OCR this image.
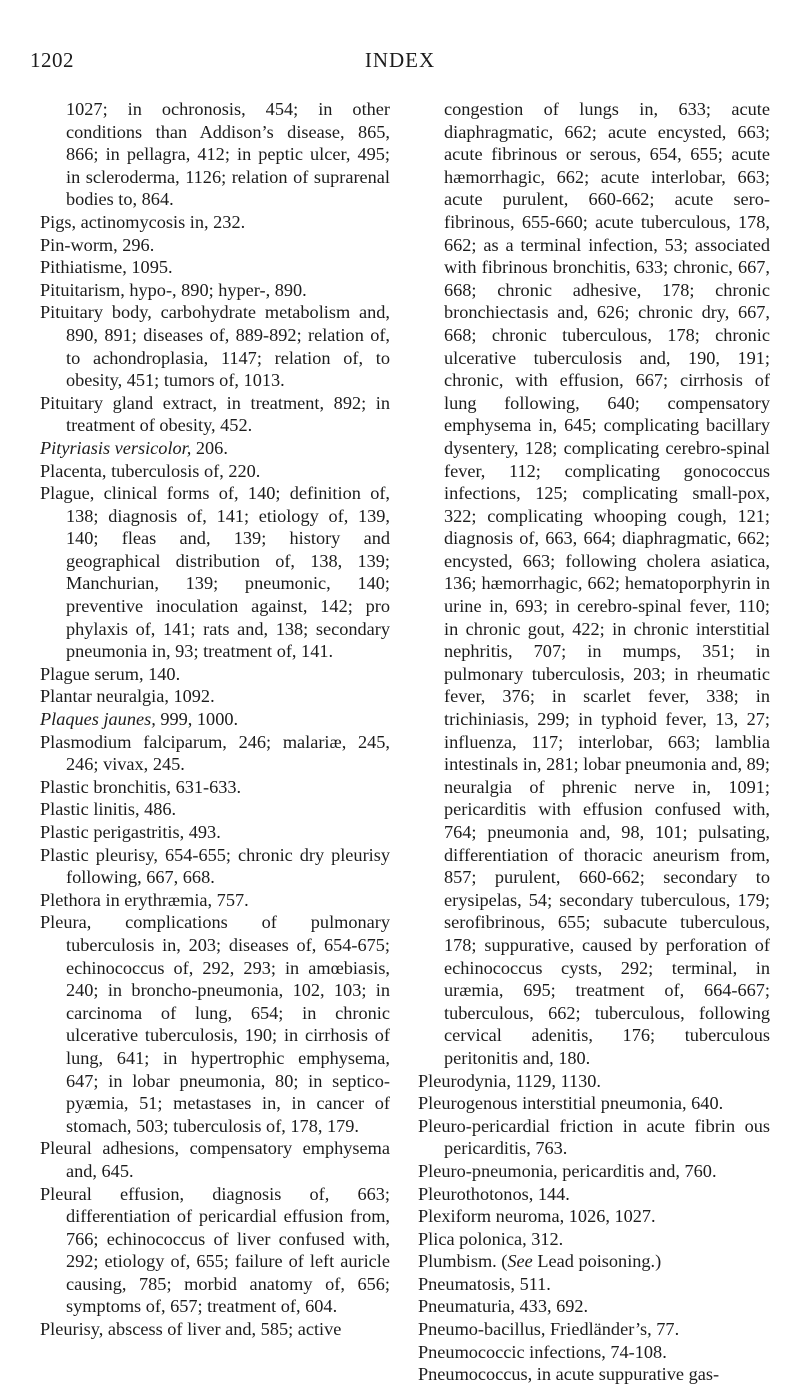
1202	INDEX

1027; in ochronosis, 454; in other conditions than Addison’s disease, 865, 866; in pellagra, 412; in peptic ulcer, 495; in scleroderma, 1126; relation of suprarenal bodies to, 864.

Pigs, actinomycosis in, 232.

Pin-worm, 296.

Pithiatisme, 1095.

Pituitarism, hypo-, 890; hyper-, 890.

Pituitary body, carbohydrate metabolism and, 890, 891; diseases of, 889-892; relation of, to achondroplasia, 1147; relation of, to obesity, 451; tumors of, 1013.

Pituitary gland extract, in treatment, 892; in treatment of obesity, 452.

Pityriasis versicolor, 206.

Placenta, tuberculosis of, 220.

Plague, clinical forms of, 140; definition of, 138; diagnosis of, 141; etiology of, 139, 140; fleas and, 139; history and geographical distribution of, 138, 139; Manchurian, 139; pneumonic, 140; preventive inoculation against, 142; pro phylaxis of, 141; rats and, 138; secondary pneumonia in, 93; treatment of, 141.

Plague serum, 140.

Plantar neuralgia, 1092.

Plaques jaunes, 999, 1000.

Plasmodium falciparum, 246; malariæ, 245, 246; vivax, 245.

Plastic bronchitis, 631-633.

Plastic linitis, 486.

Plastic perigastritis, 493.

Plastic pleurisy, 654-655; chronic dry pleurisy following, 667, 668.

Plethora in erythræmia, 757.

Pleura, complications of pulmonary tuberculosis in, 203; diseases of, 654-675; echinococcus of, 292, 293; in amœbiasis, 240; in broncho-pneumonia, 102, 103; in carcinoma of lung, 654; in chronic ulcerative tuberculosis, 190; in cirrhosis of lung, 641; in hypertrophic emphysema, 647; in lobar pneumonia, 80; in septico-pyæmia, 51; metastases in, in cancer of stomach, 503; tuberculosis of, 178, 179.

Pleural adhesions, compensatory emphysema and, 645.

Pleural effusion, diagnosis of, 663; differentiation of pericardial effusion from, 766; echinococcus of liver confused with, 292; etiology of, 655; failure of left auricle causing, 785; morbid anatomy of, 656; symptoms of, 657; treatment of, 604.

Pleurisy, abscess of liver and, 585; active

congestion of lungs in, 633; acute diaphragmatic, 662; acute encysted, 663; acute fibrinous or serous, 654, 655; acute hæmorrhagic, 662; acute interlobar, 663; acute purulent, 660-662; acute sero-fibrinous, 655-660; acute tuberculous, 178, 662; as a terminal infection, 53; associated with fibrinous bronchitis, 633; chronic, 667, 668; chronic adhesive, 178; chronic bronchiectasis and, 626; chronic dry, 667, 668; chronic tuberculous, 178; chronic ulcerative tuberculosis and, 190, 191; chronic, with effusion, 667; cirrhosis of lung following, 640; compensatory emphysema in, 645; complicating bacillary dysentery, 128; complicating cerebro-spinal fever, 112; complicating gonococcus infections, 125; complicating small-pox, 322; complicating whooping cough, 121; diagnosis of, 663, 664; diaphragmatic, 662; encysted, 663; following cholera asiatica, 136; hæmorrhagic, 662; hematoporphyrin in urine in, 693; in cerebro-spinal fever, 110; in chronic gout, 422; in chronic interstitial nephritis, 707; in mumps, 351; in pulmonary tuberculosis, 203; in rheumatic fever, 376; in scarlet fever, 338; in trichiniasis, 299; in typhoid fever, 13, 27; influenza, 117; interlobar, 663; lamblia intestinals in, 281; lobar pneumonia and, 89; neuralgia of phrenic nerve in, 1091; pericarditis with effusion confused with, 764; pneumonia and, 98, 101; pulsating, differentiation of thoracic aneurism from, 857; purulent, 660-662; secondary to erysipelas, 54; secondary tuberculous, 179; serofibrinous, 655; subacute tuberculous, 178; suppurative, caused by perforation of echinococcus cysts, 292; terminal, in uræmia, 695; treatment of, 664-667; tuberculous, 662; tuberculous, following cervical adenitis, 176; tuberculous peritonitis and, 180.

Pleurodynia, 1129, 1130.

Pleurogenous interstitial pneumonia, 640.

Pleuro-pericardial friction in acute fibrin ous pericarditis, 763.

Pleuro-pneumonia, pericarditis and, 760.

Pleurothotonos, 144.

Plexiform neuroma, 1026, 1027.

Plica polonica, 312.

Plumbism. (See Lead poisoning.)

Pneumatosis, 511.

Pneumaturia, 433, 692.

Pneumo-bacillus, Friedländer’s, 77.

Pneumococcic infections, 74-108.

Pneumococcus, in acute suppurative gas-
